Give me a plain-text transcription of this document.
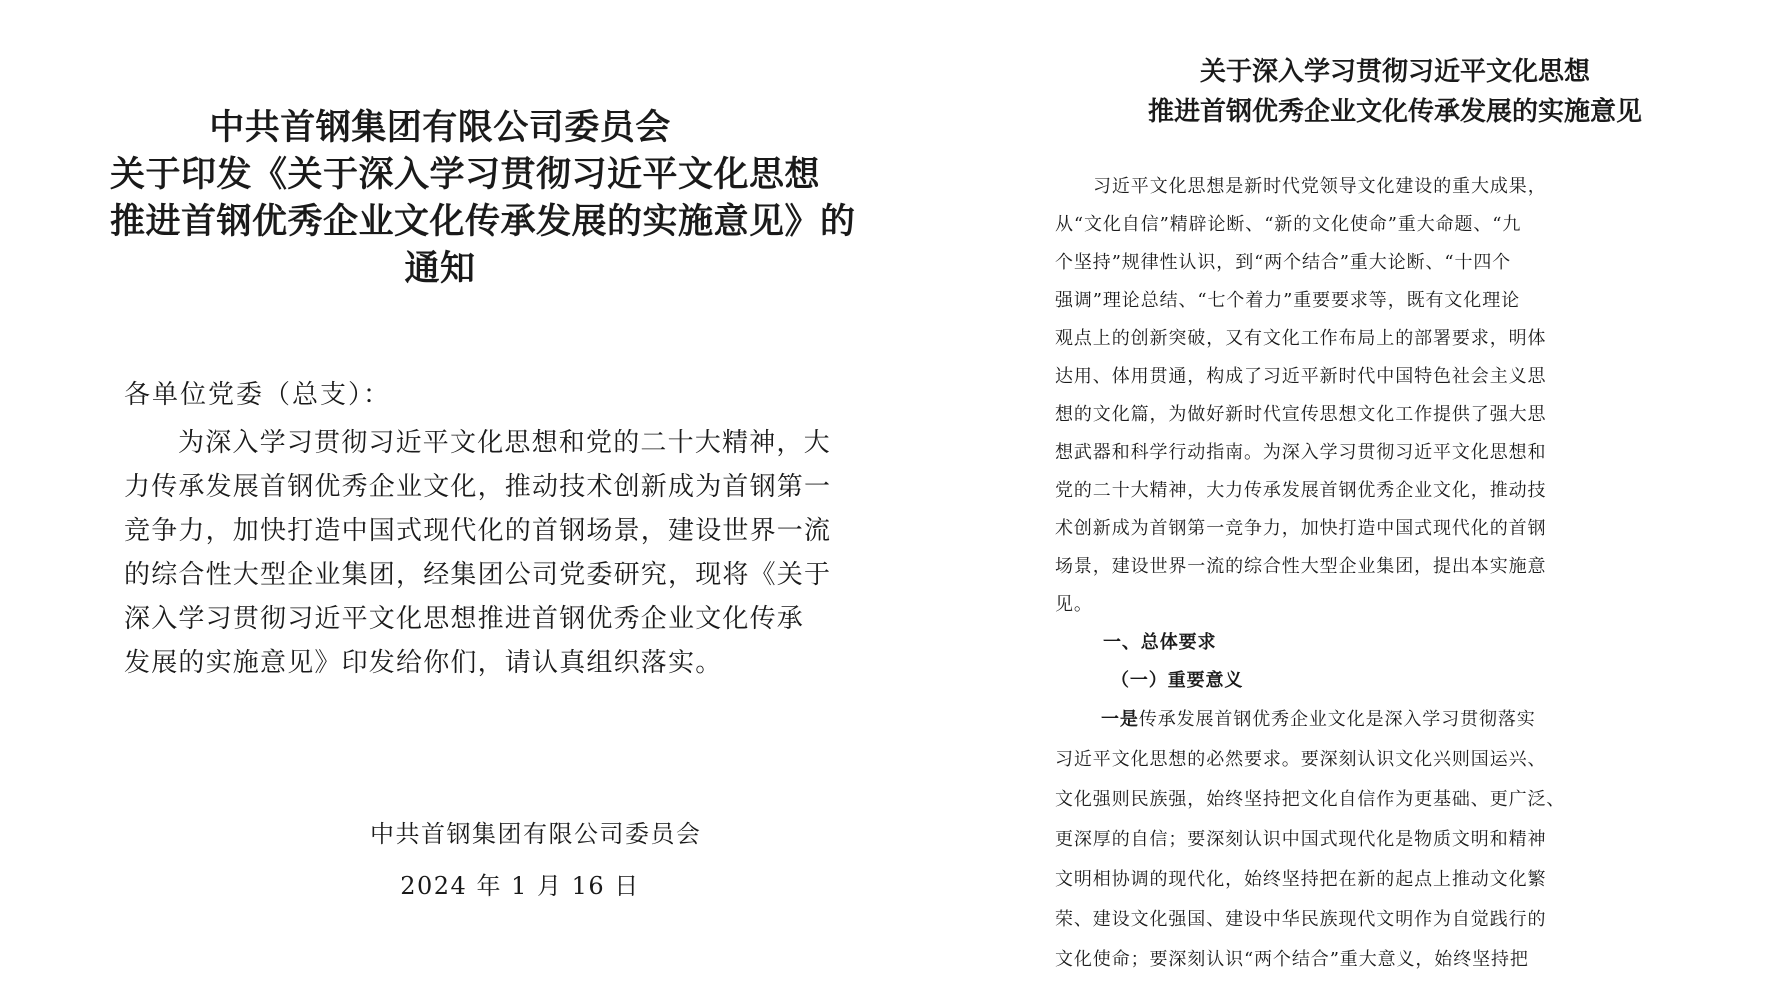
中共首钢集团有限公司委员会
关于印发《关于深入学习贯彻习近平文化思想
推进首钢优秀企业文化传承发展的实施意见》的
通知
各单位党委（总支）：
为深入学习贯彻习近平文化思想和党的二十大精神，大
力传承发展首钢优秀企业文化，推动技术创新成为首钢第一
竞争力，加快打造中国式现代化的首钢场景，建设世界一流
的综合性大型企业集团，经集团公司党委研究，现将《关于
深入学习贯彻习近平文化思想推进首钢优秀企业文化传承
发展的实施意见》印发给你们，请认真组织落实。
中共首钢集团有限公司委员会
2024 年 1 月 16 日
关于深入学习贯彻习近平文化思想
推进首钢优秀企业文化传承发展的实施意见
习近平文化思想是新时代党领导文化建设的重大成果，
从“文化自信”精辟论断、“新的文化使命”重大命题、“九
个坚持”规律性认识，到“两个结合”重大论断、“十四个
强调”理论总结、“七个着力”重要要求等，既有文化理论
观点上的创新突破，又有文化工作布局上的部署要求，明体
达用、体用贯通，构成了习近平新时代中国特色社会主义思
想的文化篇，为做好新时代宣传思想文化工作提供了强大思
想武器和科学行动指南。为深入学习贯彻习近平文化思想和
党的二十大精神，大力传承发展首钢优秀企业文化，推动技
术创新成为首钢第一竞争力，加快打造中国式现代化的首钢
场景，建设世界一流的综合性大型企业集团，提出本实施意
见。
一、总体要求
（一）重要意义
一是传承发展首钢优秀企业文化是深入学习贯彻落实
习近平文化思想的必然要求。要深刻认识文化兴则国运兴、
文化强则民族强，始终坚持把文化自信作为更基础、更广泛、
更深厚的自信；要深刻认识中国式现代化是物质文明和精神
文明相协调的现代化，始终坚持把在新的起点上推动文化繁
荣、建设文化强国、建设中华民族现代文明作为自觉践行的
文化使命；要深刻认识“两个结合”重大意义，始终坚持把
